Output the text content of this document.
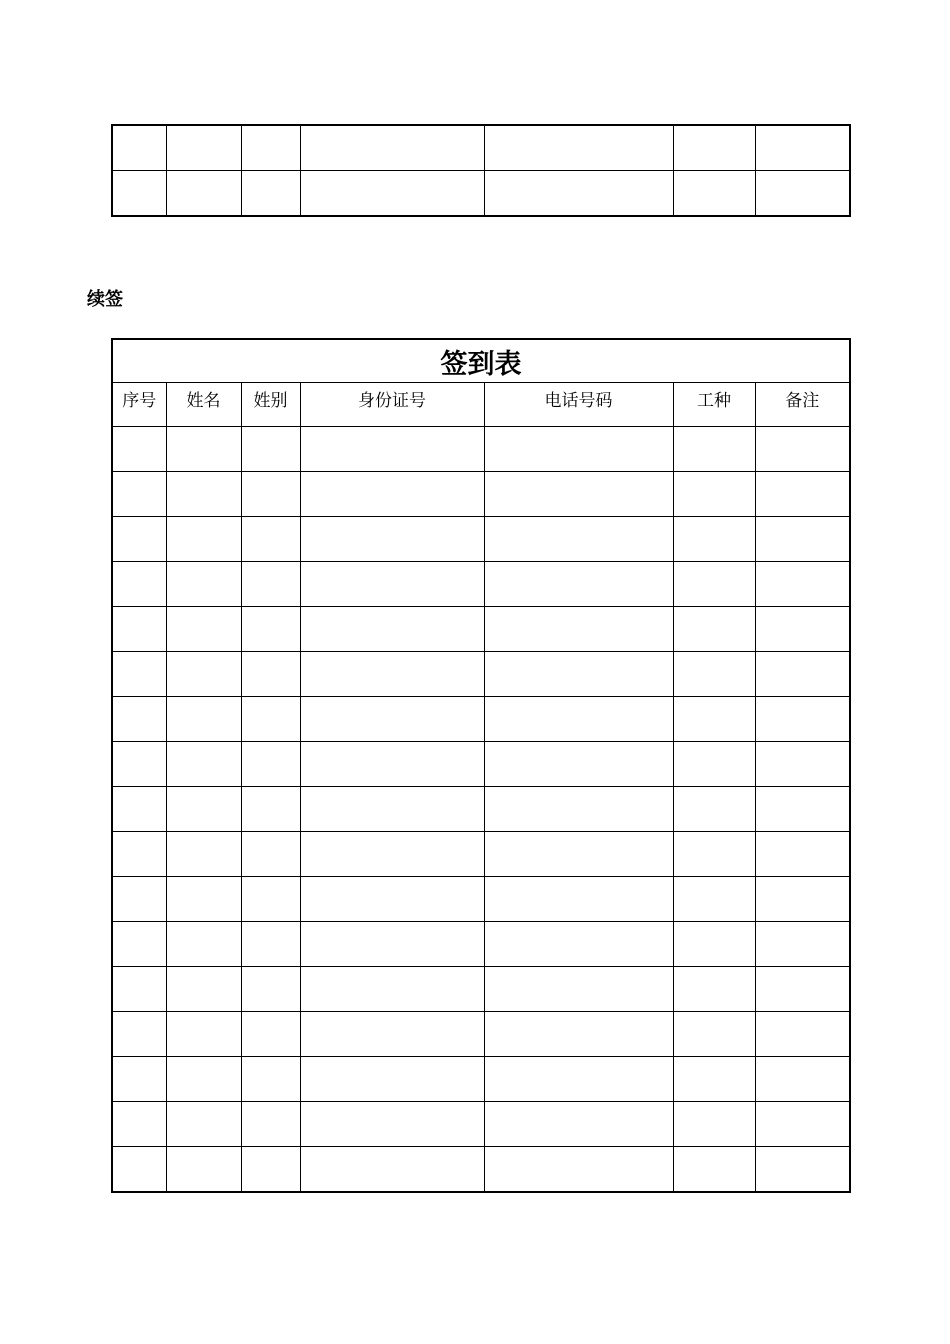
续签
签到表						
序号	姓名	姓别	身份证号	电话号码	工种	备注
